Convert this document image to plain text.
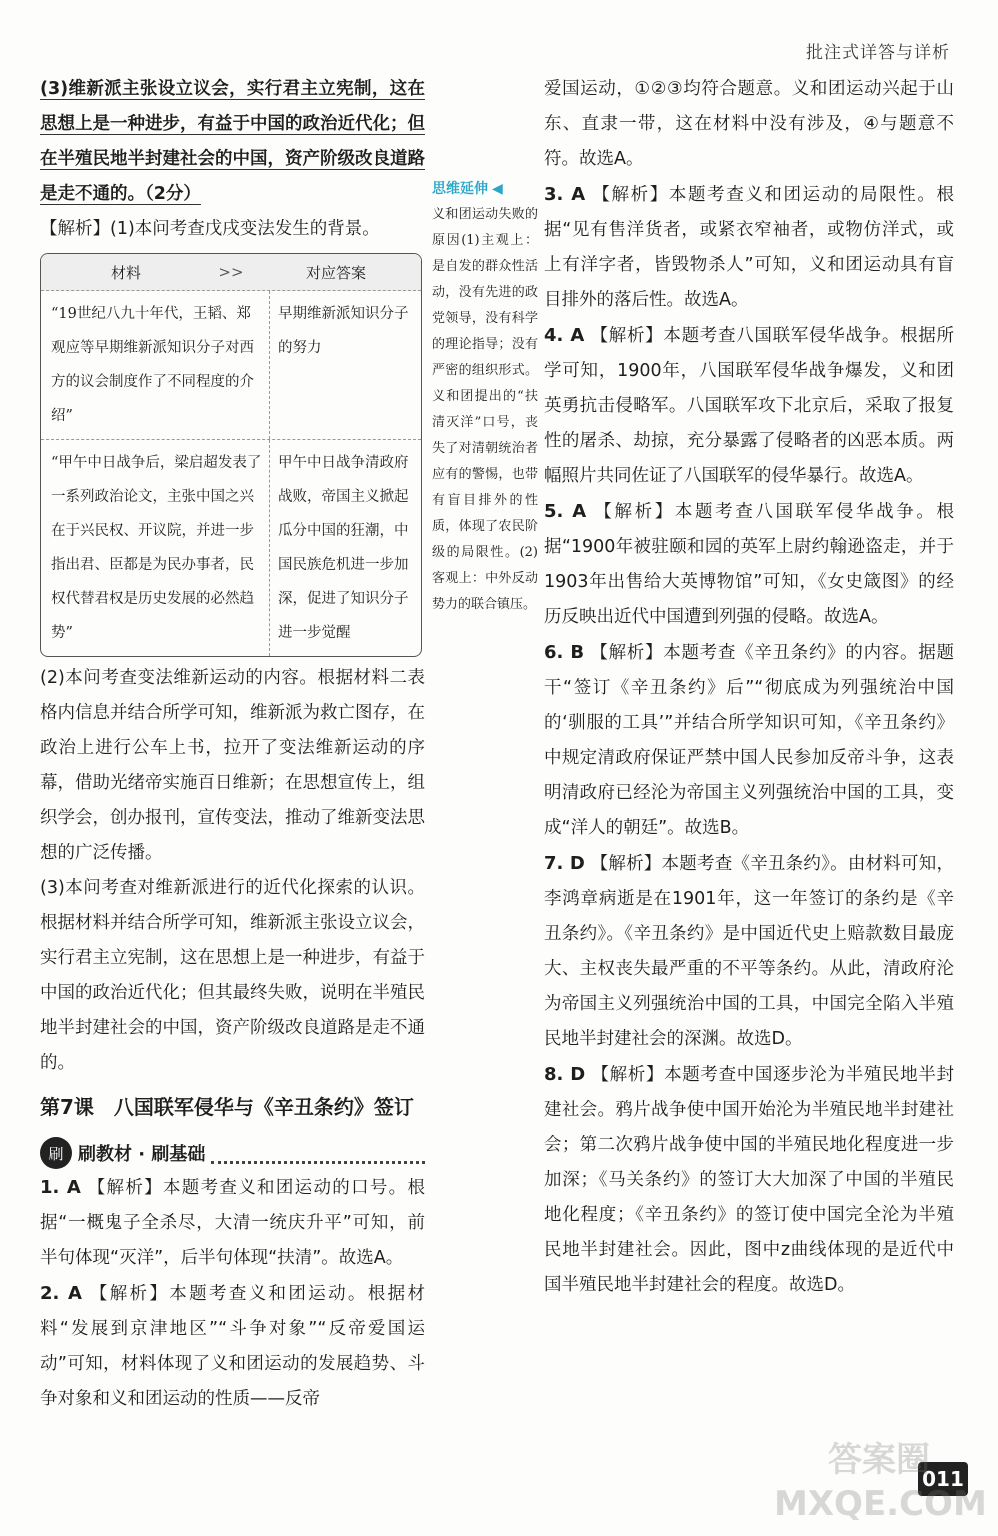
批注式详答与详析

(3)维新派主张设立议会，实行君主立宪制，这在思想上是一种进步，有益于中国的政治近代化；但在半殖民地半封建社会的中国，资产阶级改良道路是走不通的。（2分）

【解析】(1)本问考查戊戌变法发生的背景。

材料	>>	对应答案
“19世纪八九十年代，王韬、郑观应等早期维新派知识分子对西方的议会制度作了不同程度的介绍”
早期维新派知识分子的努力
“甲午中日战争后，梁启超发表了一系列政治论文，主张中国之兴在于兴民权、开议院，并进一步指出君、臣都是为民办事者，民权代替君权是历史发展的必然趋势”
甲午中日战争清政府战败，帝国主义掀起瓜分中国的狂潮，中国民族危机进一步加深，促进了知识分子进一步觉醒

(2)本问考查变法维新运动的内容。根据材料二表格内信息并结合所学可知，维新派为救亡图存，在政治上进行公车上书，拉开了变法维新运动的序幕，借助光绪帝实施百日维新；在思想宣传上，组织学会，创办报刊，宣传变法，推动了维新变法思想的广泛传播。

(3)本问考查对维新派进行的近代化探索的认识。根据材料并结合所学可知，维新派主张设立议会，实行君主立宪制，这在思想上是一种进步，有益于中国的政治近代化；但其最终失败，说明在半殖民地半封建社会的中国，资产阶级改良道路是走不通的。

第7课　八国联军侵华与《辛丑条约》签订
刷 刷教材 · 刷基础

1. A 【解析】本题考查义和团运动的口号。根据“一概鬼子全杀尽，大清一统庆升平”可知，前半句体现“灭洋”，后半句体现“扶清”。故选A。

2. A 【解析】本题考查义和团运动。根据材料“发展到京津地区”“斗争对象”“反帝爱国运动”可知，材料体现了义和团运动的发展趋势、斗争对象和义和团运动的性质——反帝

思维延伸 ◀
义和团运动失败的原因(1)主观上：是自发的群众性活动，没有先进的政党领导，没有科学的理论指导；没有严密的组织形式。义和团提出的“扶清灭洋”口号，丧失了对清朝统治者应有的警惕，也带有盲目排外的性质，体现了农民阶级的局限性。(2)客观上：中外反动势力的联合镇压。

爱国运动，①②③均符合题意。义和团运动兴起于山东、直隶一带，这在材料中没有涉及，④与题意不符。故选A。

3. A 【解析】本题考查义和团运动的局限性。根据“见有售洋货者，或紧衣窄袖者，或物仿洋式，或上有洋字者，皆毁物杀人”可知，义和团运动具有盲目排外的落后性。故选A。

4. A 【解析】本题考查八国联军侵华战争。根据所学可知，1900年，八国联军侵华战争爆发，义和团英勇抗击侵略军。八国联军攻下北京后，采取了报复性的屠杀、劫掠，充分暴露了侵略者的凶恶本质。两幅照片共同佐证了八国联军的侵华暴行。故选A。

5. A 【解析】本题考查八国联军侵华战争。根据“1900年被驻颐和园的英军上尉约翰逊盗走，并于1903年出售给大英博物馆”可知，《女史箴图》的经历反映出近代中国遭到列强的侵略。故选A。

6. B 【解析】本题考查《辛丑条约》的内容。据题干“签订《辛丑条约》后”“彻底成为列强统治中国的‘驯服的工具’”并结合所学知识可知，《辛丑条约》中规定清政府保证严禁中国人民参加反帝斗争，这表明清政府已经沦为帝国主义列强统治中国的工具，变成“洋人的朝廷”。故选B。

7. D 【解析】本题考查《辛丑条约》。由材料可知，李鸿章病逝是在1901年，这一年签订的条约是《辛丑条约》。《辛丑条约》是中国近代史上赔款数目最庞大、主权丧失最严重的不平等条约。从此，清政府沦为帝国主义列强统治中国的工具，中国完全陷入半殖民地半封建社会的深渊。故选D。

8. D 【解析】本题考查中国逐步沦为半殖民地半封建社会。鸦片战争使中国开始沦为半殖民地半封建社会；第二次鸦片战争使中国的半殖民地化程度进一步加深；《马关条约》的签订大大加深了中国的半殖民地化程度；《辛丑条约》的签订使中国完全沦为半殖民地半封建社会。因此，图中z曲线体现的是近代中国半殖民地半封建社会的程度。故选D。

011
答案圈 MXQE.COM
